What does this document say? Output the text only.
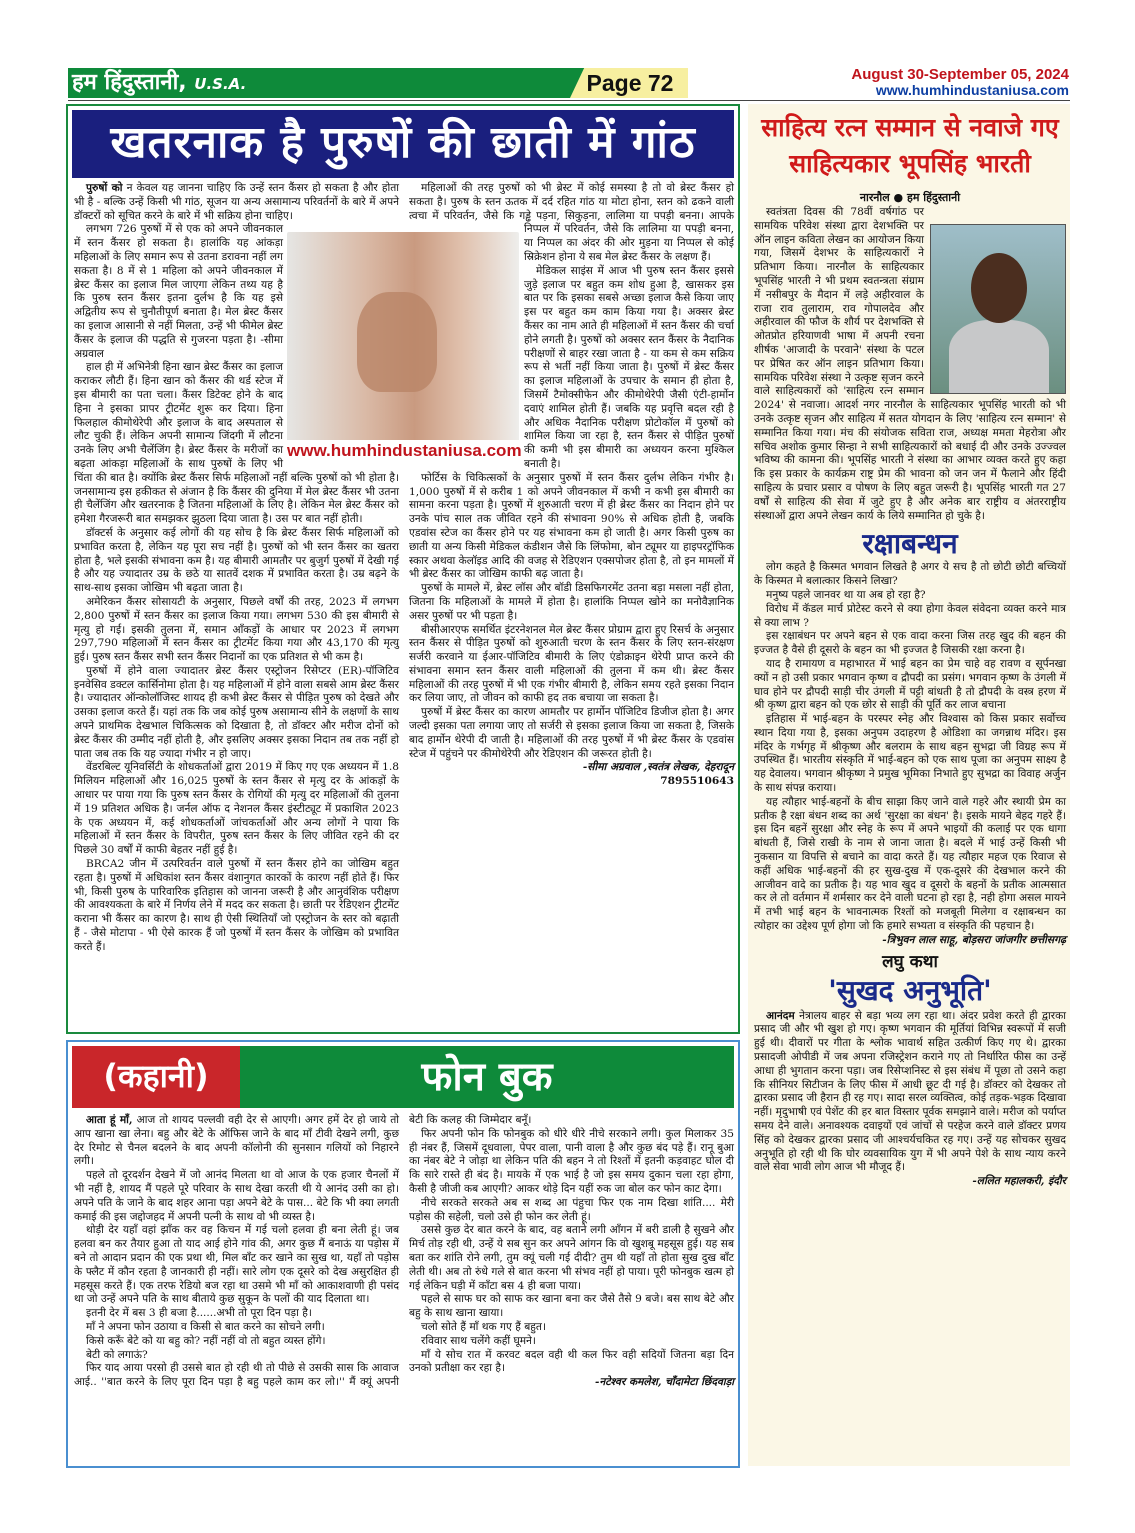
हम हिंदुस्तानी, U.S.A.	Page 72	August 30-September 05, 2024
www.humhindustaniusa.com
खतरनाक है पुरुषों की छाती में गांठ

पुरुषों को न केवल यह जानना चाहिए कि उन्हें स्तन कैंसर हो सकता है और होता भी है - बल्कि उन्हें किसी भी गांठ, सूजन या अन्य असामान्य परिवर्तनों के बारे में अपने डॉक्टरों को सूचित करने के बारे में भी सक्रिय होना चाहिए।

लगभग 726 पुरुषों में से एक को अपने जीवनकाल में स्तन कैंसर हो सकता है। हालांकि यह आंकड़ा महिलाओं के लिए समान रूप से उतना डरावना नहीं लग सकता है। 8 में से 1 महिला को अपने जीवनकाल में ब्रेस्ट कैंसर का इलाज मिल जाएगा लेकिन तथ्य यह है कि पुरुष स्तन कैंसर इतना दुर्लभ है कि यह इसे अद्वितीय रूप से चुनौतीपूर्ण बनाता है। मेल ब्रेस्ट कैंसर का इलाज आसानी से नहीं मिलता, उन्हें भी फीमेल ब्रेस्ट कैंसर के इलाज की पद्धति से गुजरना पड़ता है। -सीमा अग्रवाल

हाल ही में अभिनेत्री हिना खान ब्रेस्ट कैंसर का इलाज कराकर लौटी हैं। हिना खान को कैंसर की थर्ड स्टेज में इस बीमारी का पता चला। कैंसर डिटेक्ट होने के बाद हिना ने इसका प्रापर ट्रीटमेंट शुरू कर दिया। हिना फिलहाल कीमोथेरेपी और इलाज के बाद अस्पताल से लौट चुकी हैं। लेकिन अपनी सामान्य जिंदगी में लौटना उनके लिए अभी चैलेंजिंग है। ब्रेस्ट कैंसर के मरीजों का बढ़ता आंकड़ा महिलाओं के साथ पुरुषों के लिए भी चिंता की बात है। क्योंकि ब्रेस्ट कैंसर सिर्फ महिलाओं नहीं बल्कि पुरुषों को भी होता है। जनसामान्य इस हकीकत से अंजान है कि कैंसर की दुनिया में मेल ब्रेस्ट कैंसर भी उतना ही चैलेंजिंग और खतरनाक है जितना महिलाओं के लिए है। लेकिन मेल ब्रेस्ट कैंसर को हमेशा गैरजरूरी बात समझकर झुठला दिया जाता है। उस पर बात नहीं होती।

डॉक्टर्स के अनुसार कई लोगों की यह सोच है कि ब्रेस्ट कैंसर सिर्फ महिलाओं को प्रभावित करता है, लेकिन यह पूरा सच नहीं है। पुरुषों को भी स्तन कैंसर का खतरा होता है, भले इसकी संभावना कम है। यह बीमारी आमतौर पर बुजुर्ग पुरुषों में देखी गई है और यह ज्यादातर उम्र के छठे या सातवें दशक में प्रभावित करता है। उम्र बढ़ने के साथ-साथ इसका जोखिम भी बढ़ता जाता है।

अमेरिकन कैंसर सोसायटी के अनुसार, पिछले वर्षों की तरह, 2023 में लगभग 2,800 पुरुषों में स्तन कैंसर का इलाज किया गया। लगभग 530 की इस बीमारी से मृत्यु हो गई। इसकी तुलना में, समान आँकड़ों के आधार पर 2023 में लगभग 297,790 महिलाओं में स्तन कैंसर का ट्रीटमेंट किया गया और 43,170 की मृत्यु हुई। पुरुष स्तन कैंसर सभी स्तन कैंसर निदानों का एक प्रतिशत से भी कम है।

पुरुषों में होने वाला ज्यादातर ब्रेस्ट कैंसर एस्ट्रोजन रिसेप्टर (ER)-पॉजिटिव इनवेसिव डक्टल कार्सिनोमा होता है। यह महिलाओं में होने वाला सबसे आम ब्रेस्ट कैंसर है। ज्यादातर ऑन्कोलॉजिस्ट शायद ही कभी ब्रेस्ट कैंसर से पीड़ित पुरुष को देखते और उसका इलाज करते हैं। यहां तक कि जब कोई पुरुष असामान्य सीने के लक्षणों के साथ अपने प्राथमिक देखभाल चिकित्सक को दिखाता है, तो डॉक्टर और मरीज दोनों को ब्रेस्ट कैंसर की उम्मीद नहीं होती है, और इसलिए अक्सर इसका निदान तब तक नहीं हो पाता जब तक कि यह ज्यादा गंभीर न हो जाए।

वेंडरबिल्ट यूनिवर्सिटी के शोधकर्ताओं द्वारा 2019 में किए गए एक अध्ययन में 1.8 मिलियन महिलाओं और 16,025 पुरुषों के स्तन कैंसर से मृत्यु दर के आंकड़ों के आधार पर पाया गया कि पुरुष स्तन कैंसर के रोगियों की मृत्यु दर महिलाओं की तुलना में 19 प्रतिशत अधिक है। जर्नल ऑफ द नेशनल कैंसर इंस्टीट्यूट में प्रकाशित 2023 के एक अध्ययन में, कई शोधकर्ताओं जांचकर्ताओं और अन्य लोगों ने पाया कि महिलाओं में स्तन कैंसर के विपरीत, पुरुष स्तन कैंसर के लिए जीवित रहने की दर पिछले 30 वर्षों में काफी बेहतर नहीं हुई है।

BRCA2 जीन में उत्परिवर्तन वाले पुरुषों में स्तन कैंसर होने का जोखिम बहुत रहता है। पुरुषों में अधिकांश स्तन कैंसर वंशानुगत कारकों के कारण नहीं होते हैं। फिर भी, किसी पुरुष के पारिवारिक इतिहास को जानना जरूरी है और आनुवंशिक परीक्षण की आवश्यकता के बारे में निर्णय लेने में मदद कर सकता है। छाती पर रेडिएशन ट्रीटमेंट कराना भी कैंसर का कारण है। साथ ही ऐसी स्थितियाँ जो एस्ट्रोजन के स्तर को बढ़ाती हैं - जैसे मोटापा - भी ऐसे कारक हैं जो पुरुषों में स्तन कैंसर के जोखिम को प्रभावित करते हैं।

महिलाओं की तरह पुरुषों को भी ब्रेस्ट में कोई समस्या है तो वो ब्रेस्ट कैंसर हो सकता है। पुरुष के स्तन ऊतक में दर्द रहित गांठ या मोटा होना, स्तन को ढकने वाली त्वचा में परिवर्तन, जैसे कि गड्ढे पड़ना, सिकुड़ना, लालिमा या पपड़ी बनना। आपके निप्पल में परिवर्तन, जैसे कि लालिमा या पपड़ी बनना, या निप्पल का अंदर की ओर मुड़ना या निप्पल से कोई स्रिक्रेशन होना ये सब मेल ब्रेस्ट कैंसर के लक्षण हैं।

मेडिकल साइंस में आज भी पुरुष स्तन कैंसर इससे जुड़े इलाज पर बहुत कम शोध हुआ है, खासकर इस बात पर कि इसका सबसे अच्छा इलाज कैसे किया जाए इस पर बहुत कम काम किया गया है। अक्सर ब्रेस्ट कैंसर का नाम आते ही महिलाओं में स्तन कैंसर की चर्चा होने लगती है। पुरुषों को अक्सर स्तन कैंसर के नैदानिक परीक्षणों से बाहर रखा जाता है - या कम से कम सक्रिय रूप से भर्ती नहीं किया जाता है। पुरुषों में ब्रेस्ट कैंसर का इलाज महिलाओं के उपचार के समान ही होता है, जिसमें टैमोक्सीफेन और कीमोथेरेपी जैसी एंटी-हार्मोन दवाएं शामिल होती हैं। जबकि यह प्रवृत्ति बदल रही है और अधिक नैदानिक परीक्षण प्रोटोकॉल में पुरुषों को शामिल किया जा रहा है, स्तन कैंसर से पीड़ित पुरुषों की कमी भी इस बीमारी का अध्ययन करना मुश्किल बनाती है।

फोर्टिस के चिकित्सकों के अनुसार पुरुषों में स्तन कैंसर दुर्लभ लेकिन गंभीर है। 1,000 पुरुषों में से करीब 1 को अपने जीवनकाल में कभी न कभी इस बीमारी का सामना करना पड़ता है। पुरुषों में शुरुआती चरण में ही ब्रेस्ट कैंसर का निदान होने पर उनके पांच साल तक जीवित रहने की संभावना 90% से अधिक होती है, जबकि एडवांस स्टेज का कैंसर होने पर यह संभावना कम हो जाती है। अगर किसी पुरुष का छाती या अन्य किसी मेडिकल कंडीशन जैसे कि लिंफोमा, बोन ट्यूमर या हाइपरट्रॉफिक स्कार अथवा केलॉइड आदि की वजह से रेडिएशन एक्सपोजर होता है, तो इन मामलों में भी ब्रेस्ट कैंसर का जोखिम काफी बढ़ जाता है।

पुरुषों के मामले में, ब्रेस्ट लॉस और बॉडी डिसफिगरमेंट उतना बड़ा मसला नहीं होता, जितना कि महिलाओं के मामले में होता है। हालांकि निप्पल खोने का मनोवैज्ञानिक असर पुरुषों पर भी पड़ता है।

बीसीआरएफ समर्थित इंटरनेशनल मेल ब्रेस्ट कैंसर प्रोग्राम द्वारा हुए रिसर्च के अनुसार स्तन कैंसर से पीड़ित पुरुषों को शुरुआती चरण के स्तन कैंसर के लिए स्तन-संरक्षण सर्जरी करवाने या ईआर-पॉजिटिव बीमारी के लिए एंडोक्राइन थेरेपी प्राप्त करने की संभावना समान स्तन कैंसर वाली महिलाओं की तुलना में कम थी। ब्रेस्ट कैंसर महिलाओं की तरह पुरुषों में भी एक गंभीर बीमारी है, लेकिन समय रहते इसका निदान कर लिया जाए, तो जीवन को काफी हद तक बचाया जा सकता है।

पुरुषों में ब्रेस्ट कैंसर का कारण आमतौर पर हार्मोन पॉजिटिव डिजीज होता है। अगर जल्दी इसका पता लगाया जाए तो सर्जरी से इसका इलाज किया जा सकता है, जिसके बाद हार्मोन थेरेपी दी जाती है। महिलाओं की तरह पुरुषों में भी ब्रेस्ट कैंसर के एडवांस स्टेज में पहुंचने पर कीमोथेरेपी और रेडिएशन की जरूरत होती है।

-सीमा अग्रवाल ,स्वतंत्र लेखक, देहरादून
7895510643
www.humhindustaniusa.com
(कहानी)	फोन बुक

आता हूं माँ, आज तो शायद पल्लवी वही देर से आएगी। अगर हमें देर हो जाये तो आप खाना खा लेना। बहु और बेटे के ऑफिस जाने के बाद माँ टीवी देखने लगी, कुछ देर रिमोट से चैनल बदलने के बाद अपनी कॉलोनी की सुनसान गलियों को निहारने लगी।

पहले तो दूरदर्शन देखने में जो आनंद मिलता था वो आज के एक हजार चैनलों में भी नहीं है, शायद मैं पहले पूरे परिवार के साथ देखा करती थी ये आनंद उसी का हो। अपने पति के जाने के बाद शहर आना पड़ा अपने बेटे के पास... बेटे कि भी क्या लगती कमाई की इस जद्दोजहद में अपनी पत्नी के साथ वो भी व्यस्त है।

थोड़ी देर यहाँ वहां झाँक कर वह किचन में गई चलो हलवा ही बना लेती हूं। जब हलवा बन कर तैयार हुआ तो याद आई होने गांव की, अगर कुछ मैं बनाऊं या पड़ोस में बने तो आदान प्रदान की एक प्रथा थी, मिल बाँट कर खाने का सुख था, यहाँ तो पड़ोस के फ्लैट में कौन रहता है जानकारी ही नहीं। सारे लोग एक दूसरे को देख असुरक्षित ही महसूस करते हैं। एक तरफ रेडियो बज रहा था उसमे भी माँ को आकाशवाणी ही पसंद था जो उन्हें अपने पति के साथ बीताये कुछ सुकून के पलों की याद दिलाता था।

इतनी देर में बस 3 ही बजा है......अभी तो पूरा दिन पड़ा है।

माँ ने अपना फोन उठाया व किसी से बात करने का सोचने लगी।

किसे करूँ बेटे को या बहु को? नहीं नहीं वो तो बहुत व्यस्त होंगे।

बेटी को लगाऊं?

फिर याद आया परसो ही उससे बात हो रही थी तो पीछे से उसकी सास कि आवाज आई.. ''बात करने के लिए पूरा दिन पड़ा है बहु पहले काम कर लो।'' मैं क्यूं अपनी बेटी कि कलह की जिम्मेदार बनूँ।

फिर अपनी फोन कि फोनबुक को धीरे धीरे नीचे सरकाने लगी। कुल मिलाकर 35 ही नंबर हैं, जिसमें दूधवाला, पेपर वाला, पानी वाला है और कुछ बंद पड़े हैं। रानू बुआ का नंबर बेटे ने जोड़ा था लेकिन पति की बहन ने तो रिश्तों में इतनी कड़वाहट घोल दी कि सारे रास्ते ही बंद है। मायके में एक भाई है जो इस समय दुकान चला रहा होगा, कैसी है जीजी कब आएगी? आकर थोड़े दिन यहीं रुक जा बोल कर फोन काट देगा।

नीचे सरकते सरकते अब स शब्द आ पंहुचा फिर एक नाम दिखा शांति.... मेरी पड़ोस की सहेली, चलो उसे ही फोन कर लेती हूं।

उससे कुछ देर बात करने के बाद, वह बताने लगी आँगन में बरी डाली है सुखने और मिर्च तोड़ रही थी, उन्हें ये सब सुन कर अपने आंगन कि वो खुशबू महसूस हुई। यह सब बता कर शांति रोने लगी, तुम क्यूं चली गई दीदी? तुम थी यहाँ तो होता सुख दुख बाँट लेती थी। अब तो रुंधे गले से बात करना भी संभव नहीं हो पाया। पूरी फोनबुक खत्म हो गई लेकिन घड़ी में काँटा बस 4 ही बजा पाया।

पहले से साफ घर को साफ कर खाना बना कर जैसे तैसे 9 बजे। बस साथ बेटे और बहु के साथ खाना खाया।

चलो सोते हैं माँ थक गए हैं बहुत।

रविवार साथ चलेंगे कहीं घूमने।

माँ ये सोच रात में करवट बदल वही थी कल फिर वही सदियों जितना बड़ा दिन उनको प्रतीक्षा कर रहा है।

-नटेश्वर कमलेश, चाँदामेटा छिंदवाड़ा
साहित्य रत्न सम्मान से नवाजे गए साहित्यकार भूपसिंह भारती
नारनौल ● हम हिंदुस्तानी

स्वतंत्रता दिवस की 78वीं वर्षगांठ पर सामयिक परिवेश संस्था द्वारा देशभक्ति पर ऑन लाइन कविता लेखन का आयोजन किया गया, जिसमें देशभर के साहित्यकारों ने प्रतिभाग किया। नारनौल के साहित्यकार भूपसिंह भारती ने भी प्रथम स्वतन्त्रता संग्राम में नसीबपुर के मैदान में लड़े अहीरवाल के राजा राव तुलाराम, राव गोपालदेव और अहीरवाल की फौज के शौर्य पर देशभक्ति से ओतप्रोत हरियाणवी भाषा में अपनी रचना शीर्षक 'आजादी के परवाने' संस्था के पटल पर प्रेषित कर ऑन लाइन प्रतिभाग किया। सामयिक परिवेश संस्था ने उत्कृष्ट सृजन करने वाले साहित्यकारों को 'साहित्य रत्न सम्मान 2024' से नवाजा। आदर्श नगर नारनौल के साहित्यकार भूपसिंह भारती को भी उनके उत्कृष्ट सृजन और साहित्य में सतत योगदान के लिए 'साहित्य रत्न सम्मान' से सम्मानित किया गया। मंच की संयोजक सविता राज, अध्यक्ष ममता मेहरोत्रा और सचिव अशोक कुमार सिन्हा ने सभी साहित्यकारों को बधाई दी और उनके उज्ज्वल भविष्य की कामना की। भूपसिंह भारती ने संस्था का आभार व्यक्त करते हुए कहा कि इस प्रकार के कार्यक्रम राष्ट्र प्रेम की भावना को जन जन में फैलाने और हिंदी साहित्य के प्रचार प्रसार व पोषण के लिए बहुत जरूरी है। भूपसिंह भारती गत 27 वर्षों से साहित्य की सेवा में जुटे हुए है और अनेक बार राष्ट्रीय व अंतरराष्ट्रीय संस्थाओं द्वारा अपने लेखन कार्य के लिये सम्मानित हो चुके है।

रक्षाबन्धन

लोग कहते है किस्मत भगवान लिखते है अगर ये सच है तो छोटी छोटी बच्चियों के किस्मत मे बलात्कार किसने लिखा?

मनुष्य पहले जानवर था या अब हो रहा है?

विरोध में कॅडल मार्च प्रोटेस्ट करने से क्या होगा केवल संवेदना व्यक्त करने मात्र से क्या लाभ ?

इस रक्षाबंधन पर अपने बहन से एक वादा करना जिस तरह खुद की बहन की इज्जत है वैसे ही दूसरो के बहन का भी इज्जत है जिसकी रक्षा करना है।

याद है रामायण व महाभारत में भाई बहन का प्रेम चाहे वह रावण व सूर्पनखा क्यों न हो उसी प्रकार भगवान कृष्ण व द्रौपदी का प्रसंग। भगवान कृष्ण के उंगली में घाव होने पर द्रौपदी साड़ी चीर उंगली में पट्टी बांधती है तो द्रौपदी के वस्त्र हरण में श्री कृष्ण द्वारा बहन को एक छोर से साड़ी की पूर्ति कर लाज बचाना

इतिहास में भाई-बहन के परस्पर स्नेह और विश्वास को किस प्रकार सर्वोच्च स्थान दिया गया है, इसका अनुपम उदाहरण है ओडिशा का जगन्नाथ मंदिर। इस मंदिर के गर्भगृह में श्रीकृष्ण और बलराम के साथ बहन सुभद्रा जी विग्रह रूप में उपस्थित हैं। भारतीय संस्कृति में भाई-बहन को एक साथ पूजा का अनुपम साक्ष्य है यह देवालय। भगवान श्रीकृष्ण ने प्रमुख भूमिका निभाते हुए सुभद्रा का विवाह अर्जुन के साथ संपन्न कराया।

यह त्यौहार भाई-बहनों के बीच साझा किए जाने वाले गहरे और स्थायी प्रेम का प्रतीक है रक्षा बंधन शब्द का अर्थ 'सुरक्षा का बंधन' है। इसके मायने बेहद गहरे हैं। इस दिन बहनें सुरक्षा और स्नेह के रूप में अपने भाइयों की कलाई पर एक धागा बांधती हैं, जिसे राखी के नाम से जाना जाता है। बदले में भाई उन्हें किसी भी नुकसान या विपत्ति से बचाने का वादा करते हैं। यह त्यौहार महज एक रिवाज से कहीं अधिक भाई-बहनों की हर सुख-दुख में एक-दूसरे की देखभाल करने की आजीवन वादे का प्रतीक है। यह भाव खुद व दूसरो के बहनों के प्रतीक आत्मसात कर ले तो वर्तमान में शर्मसार कर देने वाली घटना हो रहा है, नही होगा असल मायने में तभी भाई बहन के भावनात्मक रिश्तों को मजबूती मिलेगा व रक्षाबन्धन का त्योहार का उद्देश्य पूर्ण होगा जो कि हमारे सभ्यता व संस्कृति की पहचान है।

-त्रिभुवन लाल साहू, बोड़सरा जांजगीर छत्तीसगढ़
लघु कथा
'सुखद अनुभूति'

आनंदम नेत्रालय बाहर से बड़ा भव्य लग रहा था। अंदर प्रवेश करते ही द्वारका प्रसाद जी और भी खुश हो गए। कृष्ण भगवान की मूर्तियां विभिन्न स्वरूपों में सजी हुई थी। दीवारों पर गीता के श्लोक भावार्थ सहित उत्कीर्ण किए गए थे। द्वारका प्रसादजी ओपीडी में जब अपना रजिस्ट्रेशन कराने गए तो निर्धारित फीस का उन्हें आधा ही भुगतान करना पड़ा। जब रिसेप्शनिस्ट से इस संबंध में पूछा तो उसने कहा कि सीनियर सिटीजन के लिए फीस में आधी छूट दी गई है। डॉक्टर को देखकर तो द्वारका प्रसाद जी हैरान ही रह गए। सादा सरल व्यक्तित्व, कोई तड़क-भड़क दिखावा नहीं। मृदुभाषी एवं पेशेंट की हर बात विस्तार पूर्वक समझाने वाले। मरीज को पर्याप्त समय देने वाले। अनावश्यक दवाइयों एवं जांचों से परहेज करने वाले डॉक्टर प्रणय सिंह को देखकर द्वारका प्रसाद जी आश्चर्यचकित रह गए। उन्हें यह सोचकर सुखद अनुभूति हो रही थी कि घोर व्यवसायिक युग में भी अपने पेशे के साथ न्याय करने वाले सेवा भावी लोग आज भी मौजूद हैं।

-ललित महालकरी, इंदौर
